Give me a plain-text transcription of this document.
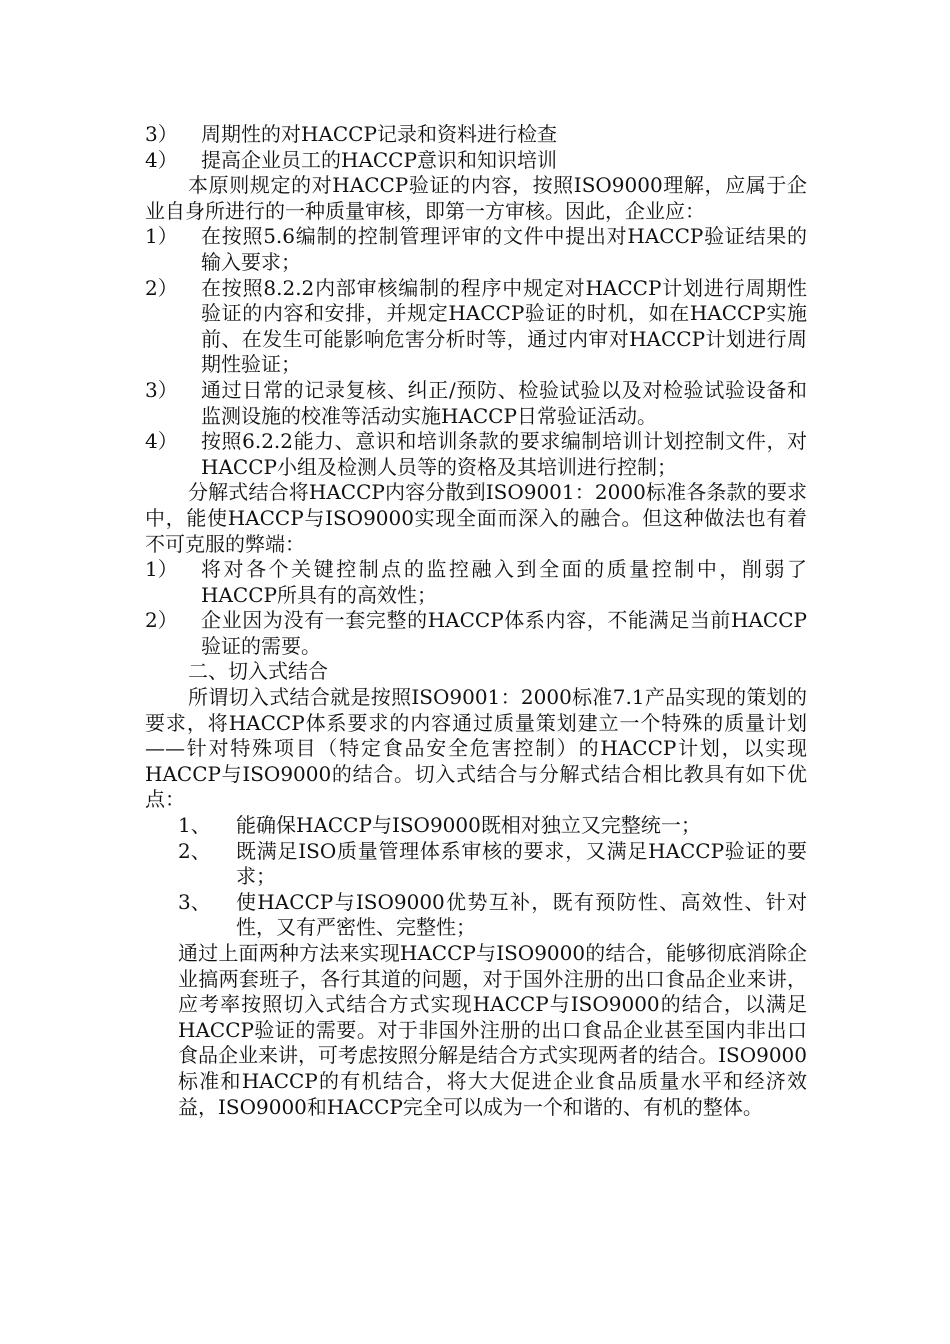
3）	周期性的对HACCP记录和资料进行检查
4）	提高企业员工的HACCP意识和知识培训

本原则规定的对HACCP验证的内容，按照ISO9000理解，应属于企业自身所进行的一种质量审核，即第一方审核。因此，企业应：

1）	在按照5.6编制的控制管理评审的文件中提出对HACCP验证结果的输入要求；
2）	在按照8.2.2内部审核编制的程序中规定对HACCP计划进行周期性验证的内容和安排，并规定HACCP验证的时机，如在HACCP实施前、在发生可能影响危害分析时等，通过内审对HACCP计划进行周期性验证；
3）	通过日常的记录复核、纠正/预防、检验试验以及对检验试验设备和监测设施的校准等活动实施HACCP日常验证活动。
4）	按照6.2.2能力、意识和培训条款的要求编制培训计划控制文件，对HACCP小组及检测人员等的资格及其培训进行控制；

分解式结合将HACCP内容分散到ISO9001：2000标准各条款的要求中，能使HACCP与ISO9000实现全面而深入的融合。但这种做法也有着不可克服的弊端：

1）	将对各个关键控制点的监控融入到全面的质量控制中，削弱了HACCP所具有的高效性；
2）	企业因为没有一套完整的HACCP体系内容，不能满足当前HACCP验证的需要。

二、切入式结合

所谓切入式结合就是按照ISO9001：2000标准7.1产品实现的策划的要求，将HACCP体系要求的内容通过质量策划建立一个特殊的质量计划——针对特殊项目（特定食品安全危害控制）的HACCP计划，以实现HACCP与ISO9000的结合。切入式结合与分解式结合相比教具有如下优点：

1、	能确保HACCP与ISO9000既相对独立又完整统一；
2、	既满足ISO质量管理体系审核的要求，又满足HACCP验证的要求；
3、	使HACCP与ISO9000优势互补，既有预防性、高效性、针对性，又有严密性、完整性；

通过上面两种方法来实现HACCP与ISO9000的结合，能够彻底消除企业搞两套班子，各行其道的问题，对于国外注册的出口食品企业来讲，应考率按照切入式结合方式实现HACCP与ISO9000的结合，以满足HACCP验证的需要。对于非国外注册的出口食品企业甚至国内非出口食品企业来讲，可考虑按照分解是结合方式实现两者的结合。ISO9000标准和HACCP的有机结合，将大大促进企业食品质量水平和经济效益，ISO9000和HACCP完全可以成为一个和谐的、有机的整体。
